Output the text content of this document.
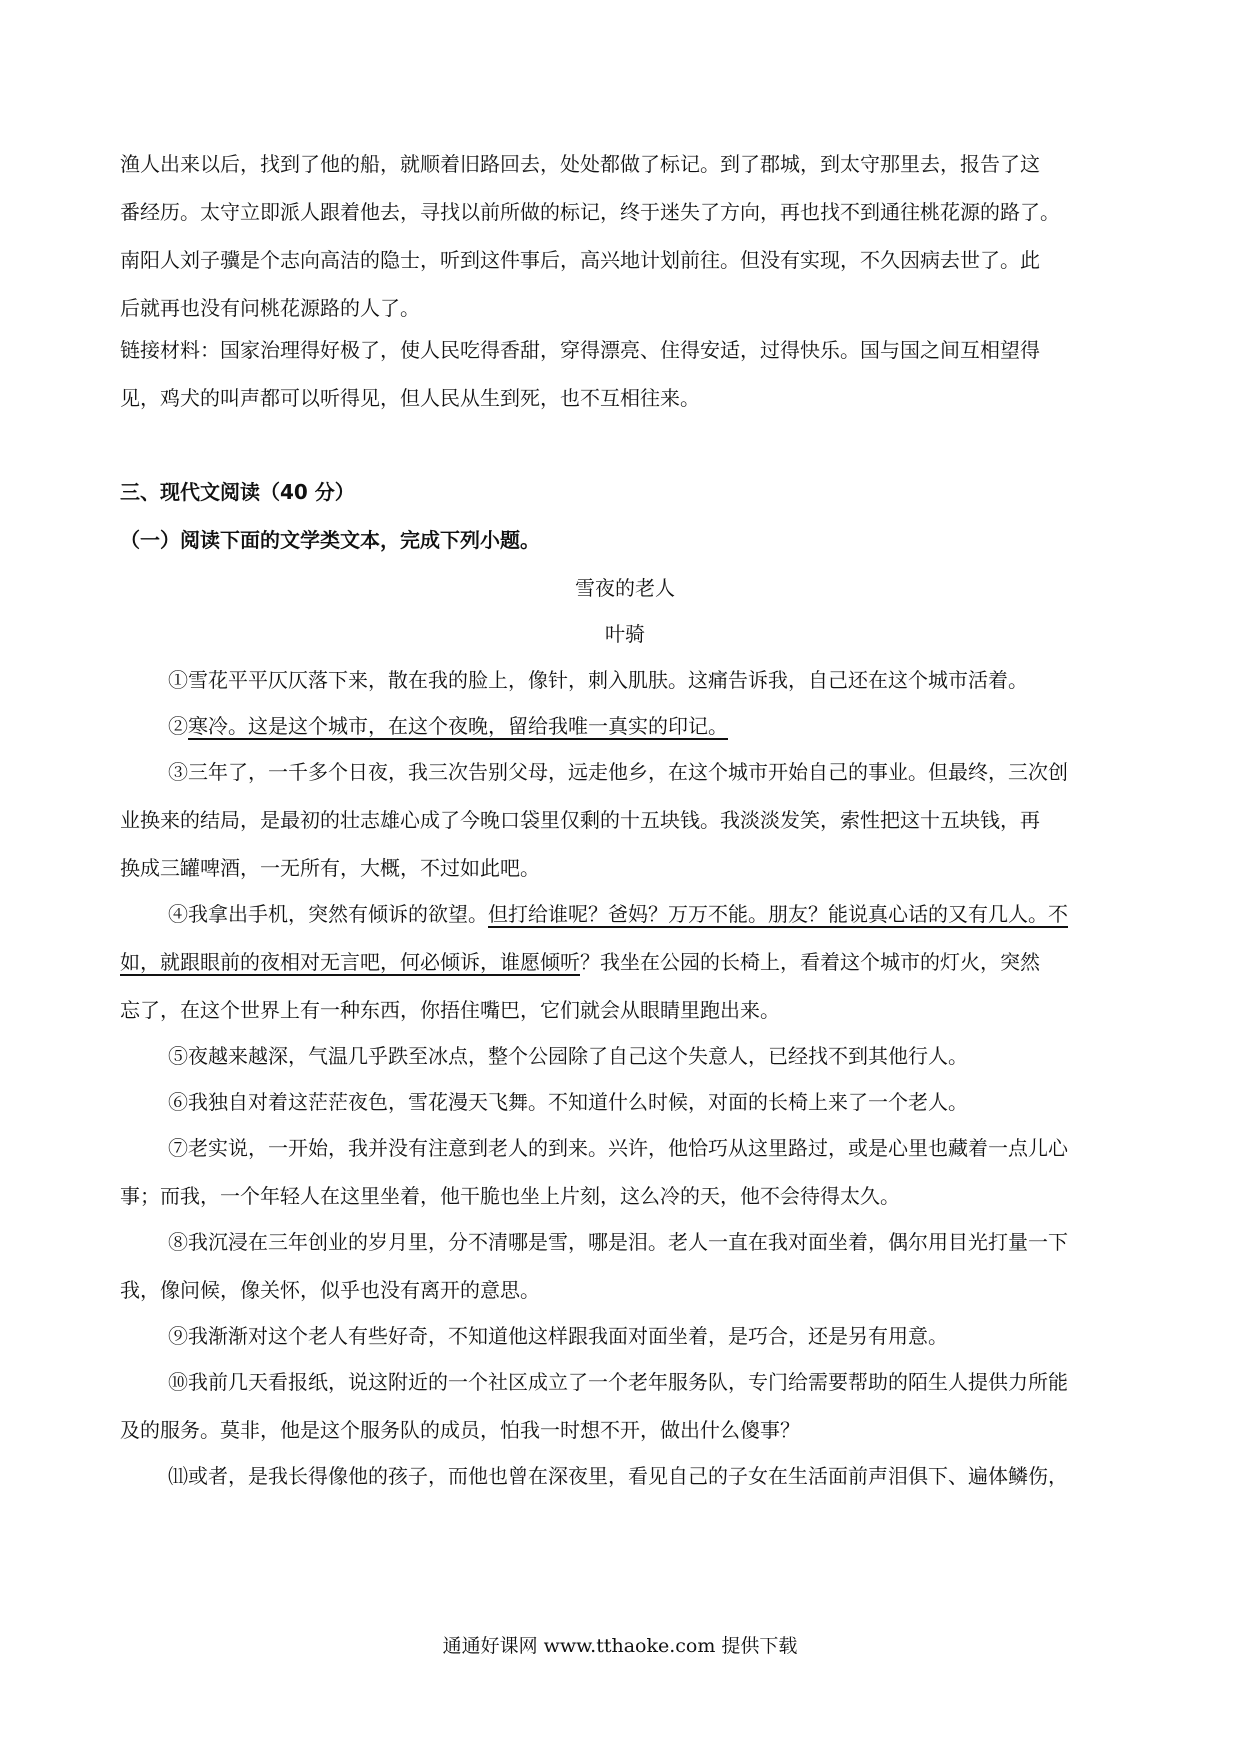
渔人出来以后，找到了他的船，就顺着旧路回去，处处都做了标记。到了郡城，到太守那里去，报告了这

番经历。太守立即派人跟着他去，寻找以前所做的标记，终于迷失了方向，再也找不到通往桃花源的路了。

南阳人刘子骥是个志向高洁的隐士，听到这件事后，高兴地计划前往。但没有实现，不久因病去世了。此

后就再也没有问桃花源路的人了。

链接材料：国家治理得好极了，使人民吃得香甜，穿得漂亮、住得安适，过得快乐。国与国之间互相望得

见，鸡犬的叫声都可以听得见，但人民从生到死，也不互相往来。

三、现代文阅读（40 分）

（一）阅读下面的文学类文本，完成下列小题。

雪夜的老人

叶骑

①雪花平平仄仄落下来，散在我的脸上，像针，刺入肌肤。这痛告诉我，自己还在这个城市活着。

②寒冷。这是这个城市，在这个夜晚，留给我唯一真实的印记。

③三年了，一千多个日夜，我三次告别父母，远走他乡，在这个城市开始自己的事业。但最终，三次创

业换来的结局，是最初的壮志雄心成了今晚口袋里仅剩的十五块钱。我淡淡发笑，索性把这十五块钱，再

换成三罐啤酒，一无所有，大概，不过如此吧。

④我拿出手机，突然有倾诉的欲望。但打给谁呢？爸妈？万万不能。朋友？能说真心话的又有几人。不

如，就跟眼前的夜相对无言吧，何必倾诉，谁愿倾听？我坐在公园的长椅上，看着这个城市的灯火，突然

忘了，在这个世界上有一种东西，你捂住嘴巴，它们就会从眼睛里跑出来。

⑤夜越来越深，气温几乎跌至冰点，整个公园除了自己这个失意人，已经找不到其他行人。

⑥我独自对着这茫茫夜色，雪花漫天飞舞。不知道什么时候，对面的长椅上来了一个老人。

⑦老实说，一开始，我并没有注意到老人的到来。兴许，他恰巧从这里路过，或是心里也藏着一点儿心

事；而我，一个年轻人在这里坐着，他干脆也坐上片刻，这么冷的天，他不会待得太久。

⑧我沉浸在三年创业的岁月里，分不清哪是雪，哪是泪。老人一直在我对面坐着，偶尔用目光打量一下

我，像问候，像关怀，似乎也没有离开的意思。

⑨我渐渐对这个老人有些好奇，不知道他这样跟我面对面坐着，是巧合，还是另有用意。

⑩我前几天看报纸，说这附近的一个社区成立了一个老年服务队，专门给需要帮助的陌生人提供力所能

及的服务。莫非，他是这个服务队的成员，怕我一时想不开，做出什么傻事？

⑾或者，是我长得像他的孩子，而他也曾在深夜里，看见自己的子女在生活面前声泪俱下、遍体鳞伤，

通通好课网 www.tthaoke.com 提供下载
